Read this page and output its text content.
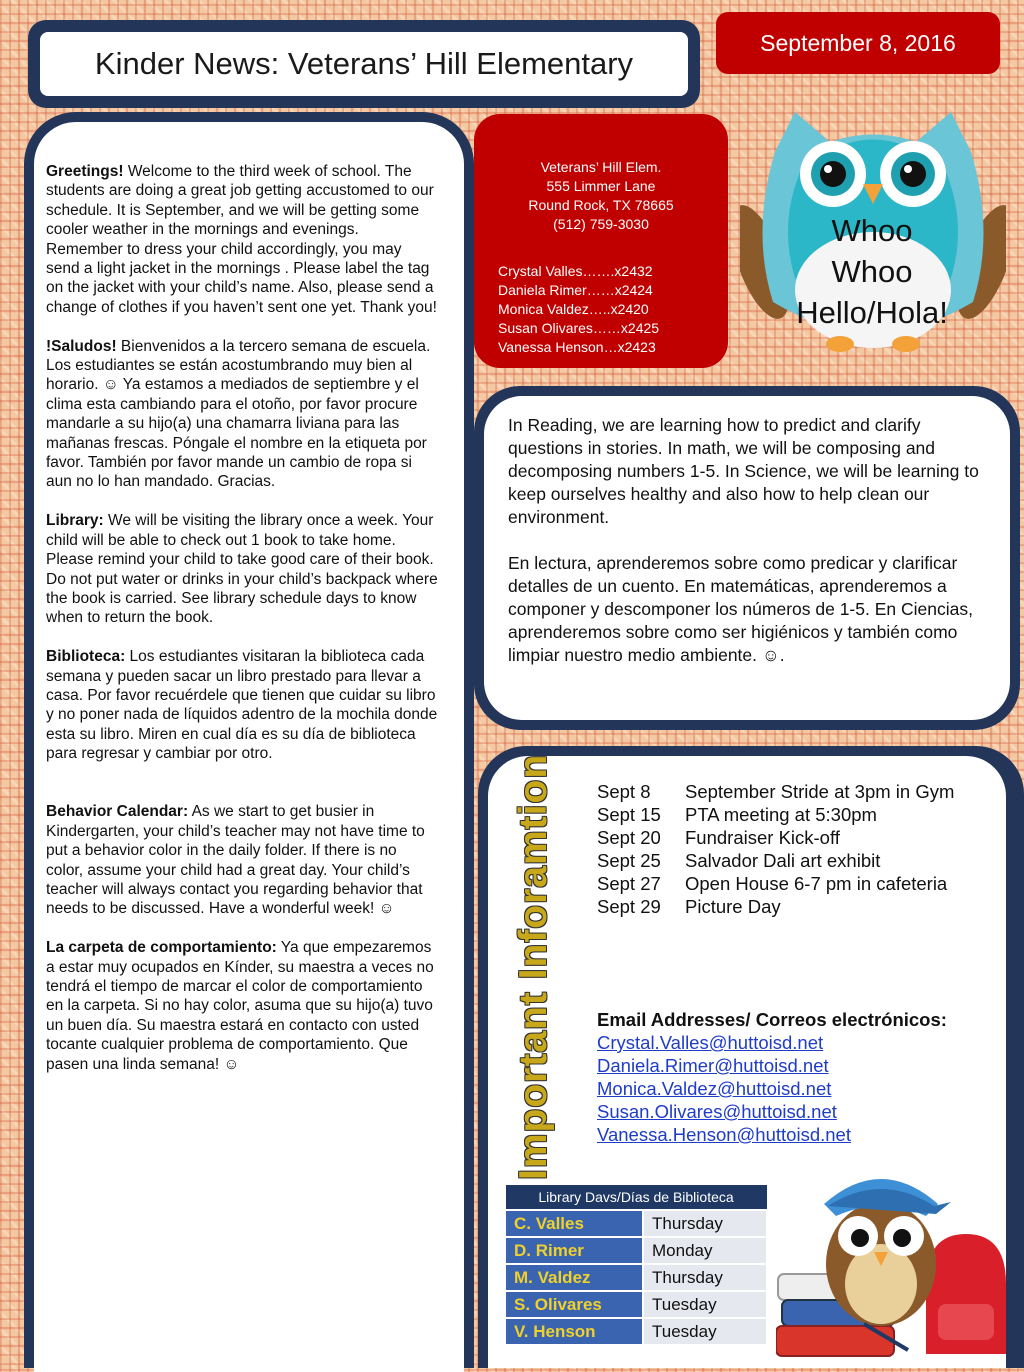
Kinder News: Veterans’ Hill Elementary
September 8, 2016

Greetings! Welcome to the third week of school. The students are doing a great job getting accustomed to our schedule. It is September, and we will be getting some cooler weather in the mornings and evenings. Remember to dress your child accordingly, you may send a light jacket in the mornings . Please label the tag on the jacket with your child’s name. Also, please send a change of clothes if you haven’t sent one yet. Thank you!

!Saludos! Bienvenidos a la tercero semana de escuela. Los estudiantes se están acostumbrando muy bien al horario. ☺ Ya estamos a mediados de septiembre y el clima esta cambiando para el otoño, por favor procure mandarle a su hijo(a) una chamarra liviana para las mañanas frescas. Póngale el nombre en la etiqueta por favor. También por favor mande un cambio de ropa si aun no lo han mandado. Gracias.

Library: We will be visiting the library once a week. Your child will be able to check out 1 book to take home. Please remind your child to take good care of their book. Do not put water or drinks in your child’s backpack where the book is carried. See library schedule days to know when to return the book.

Biblioteca: Los estudiantes visitaran la biblioteca cada semana y pueden sacar un libro prestado para llevar a casa. Por favor recuérdele que tienen que cuidar su libro y no poner nada de líquidos adentro de la mochila donde esta su libro. Miren en cual día es su día de biblioteca para regresar y cambiar por otro.

Behavior Calendar: As we start to get busier in Kindergarten, your child’s teacher may not have time to put a behavior color in the daily folder. If there is no color, assume your child had a great day. Your child’s teacher will always contact you regarding behavior that needs to be discussed. Have a wonderful week! ☺

La carpeta de comportamiento: Ya que empezaremos a estar muy ocupados en Kínder, su maestra a veces no tendrá el tiempo de marcar el color de comportamiento en la carpeta. Si no hay color, asuma que su hijo(a) tuvo un buen día. Su maestra estará en contacto con usted tocante cualquier problema de comportamiento. Que pasen una linda semana! ☺

Veterans’ Hill Elem.
555 Limmer Lane
Round Rock, TX 78665
(512) 759-3030
Crystal Valles…….x2432
Daniela Rimer……x2424
Monica Valdez…..x2420
Susan Olivares……x2425
Vanessa Henson…x2423
Whoo
Whoo
Hello/Hola!

In Reading, we are learning how to predict and clarify questions in stories. In math, we will be composing and decomposing numbers 1-5. In Science, we will be learning to keep ourselves healthy and also how to help clean our environment.

En lectura, aprenderemos sobre como predicar y clarificar detalles de un cuento. En matemáticas, aprenderemos a componer y descomponer los números de 1-5. En Ciencias, aprenderemos sobre como ser higiénicos y también como limpiar nuestro medio ambiente. ☺.

Important Inforamtion Sept 8	September Stride at 3pm in Gym
Sept 15	PTA meeting at 5:30pm
Sept 20	Fundraiser Kick-off
Sept 25	Salvador Dali art exhibit
Sept 27	Open House 6-7 pm in cafeteria
Sept 29	Picture Day
Email Addresses/ Correos electrónicos:
Crystal.Valles@huttoisd.net
Daniela.Rimer@huttoisd.net
Monica.Valdez@huttoisd.net
Susan.Olivares@huttoisd.net
Vanessa.Henson@huttoisd.net
Library Davs/Días de Biblioteca	
C. Valles	Thursday
D. Rimer	Monday
M. Valdez	Thursday
S. Olivares	Tuesday
V. Henson	Tuesday
